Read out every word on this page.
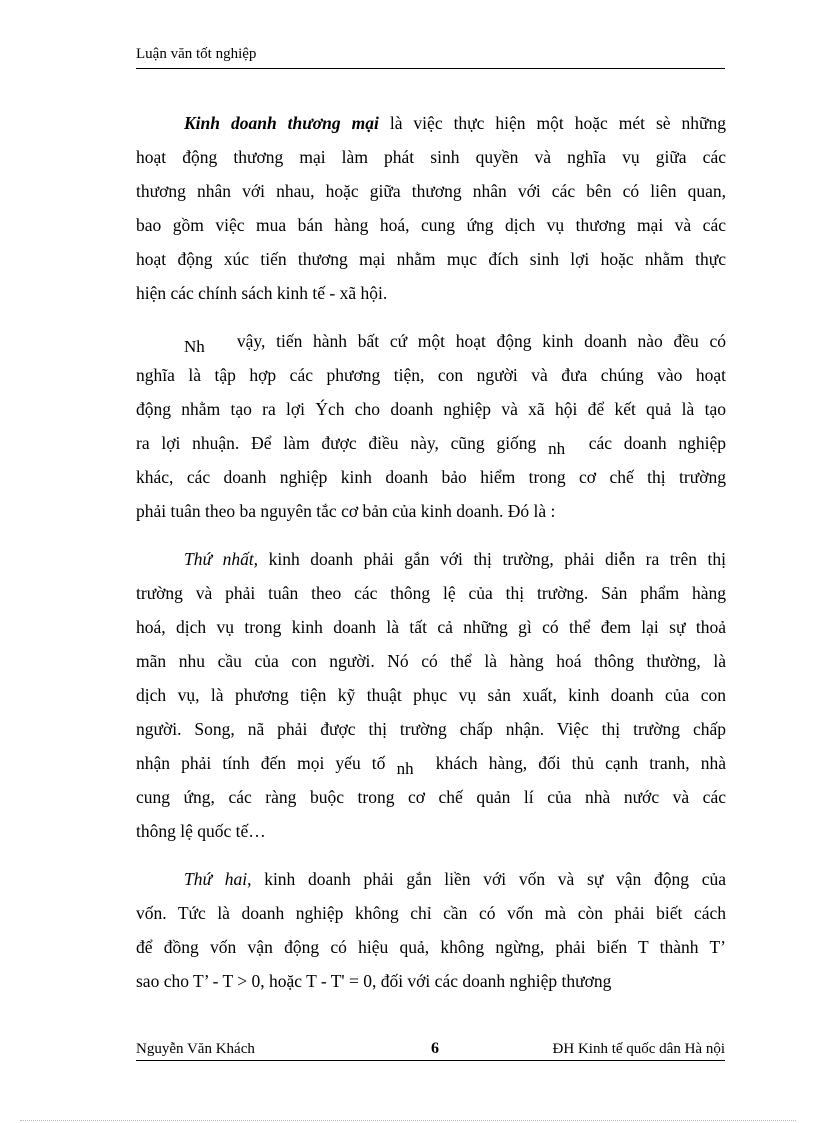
Luận văn tốt nghiệp
Kinh doanh thương mại là việc thực hiện một hoặc mét sè những
hoạt động thương mại làm phát sinh quyền và nghĩa vụ giữa các
thương nhân với nhau, hoặc giữa thương nhân với các bên có liên quan,
bao gồm việc mua bán hàng hoá, cung ứng dịch vụ thương mại và các
hoạt động xúc tiến thương mại nhằm mục đích sinh lợi hoặc nhằm thực
hiện các chính sách kinh tế - xã hội.
Nh vậy, tiến hành bất cứ một hoạt động kinh doanh nào đều có
nghĩa là tập hợp các phương tiện, con người và đưa chúng vào hoạt
động nhằm tạo ra lợi Ých cho doanh nghiệp và xã hội để kết quả là tạo
ra lợi nhuận. Để làm được điều này, cũng giống nh các doanh nghiệp
khác, các doanh nghiệp kinh doanh bảo hiểm trong cơ chế thị trường
phải tuân theo ba nguyên tắc cơ bản của kinh doanh. Đó là :
Thứ nhất, kinh doanh phải gắn với thị trường, phải diễn ra trên thị
trường và phải tuân theo các thông lệ của thị trường. Sản phẩm hàng
hoá, dịch vụ trong kinh doanh là tất cả những gì có thể đem lại sự thoả
mãn nhu cầu của con người. Nó có thể là hàng hoá thông thường, là
dịch vụ, là phương tiện kỹ thuật phục vụ sản xuất, kinh doanh của con
người. Song, nã phải được thị trường chấp nhận. Việc thị trường chấp
nhận phải tính đến mọi yếu tố nh khách hàng, đối thủ cạnh tranh, nhà
cung ứng, các ràng buộc trong cơ chế quản lí của nhà nước và các
thông lệ quốc tế…
Thứ hai, kinh doanh phải gắn liền với vốn và sự vận động của
vốn. Tức là doanh nghiệp không chỉ cần có vốn mà còn phải biết cách
để đồng vốn vận động có hiệu quả, không ngừng, phải biến T thành T’
sao cho T’ - T > 0, hoặc T - T' = 0, đối với các doanh nghiệp thương
Nguyễn Văn Khách	6	ĐH Kinh tế quốc dân Hà nội
